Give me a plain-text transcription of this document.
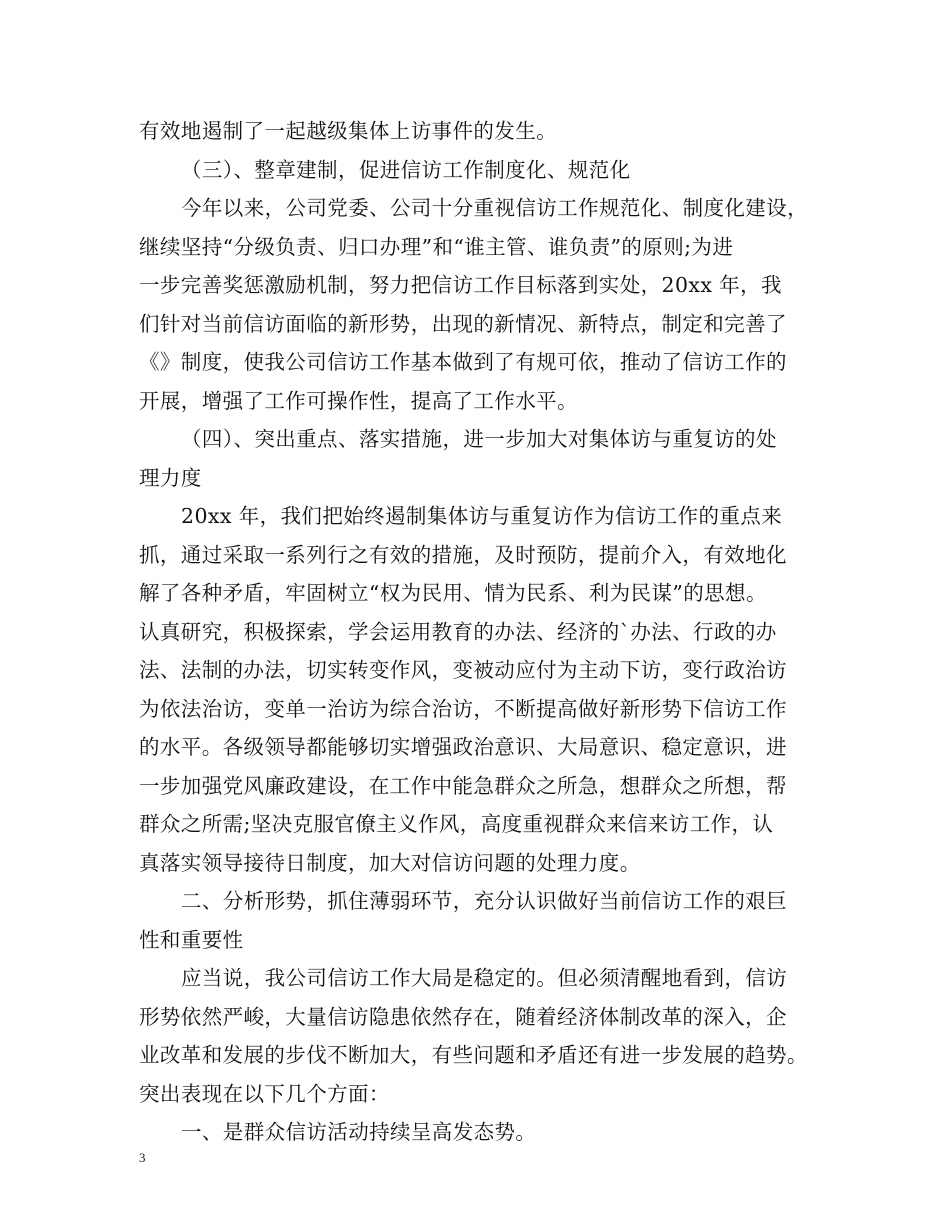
有效地遏制了一起越级集体上访事件的发生。
（三）、整章建制，促进信访工作制度化、规范化
今年以来，公司党委、公司十分重视信访工作规范化、制度化建设，
继续坚持“分级负责、归口办理”和“谁主管、谁负责”的原则;为进
一步完善奖惩激励机制，努力把信访工作目标落到实处，20xx 年，我
们针对当前信访面临的新形势，出现的新情况、新特点，制定和完善了
《》制度，使我公司信访工作基本做到了有规可依，推动了信访工作的
开展，增强了工作可操作性，提高了工作水平。
（四）、突出重点、落实措施，进一步加大对集体访与重复访的处
理力度
20xx 年，我们把始终遏制集体访与重复访作为信访工作的重点来
抓，通过采取一系列行之有效的措施，及时预防，提前介入，有效地化
解了各种矛盾，牢固树立“权为民用、情为民系、利为民谋”的思想。
认真研究，积极探索，学会运用教育的办法、经济的`办法、行政的办
法、法制的办法，切实转变作风，变被动应付为主动下访，变行政治访
为依法治访，变单一治访为综合治访，不断提高做好新形势下信访工作
的水平。各级领导都能够切实增强政治意识、大局意识、稳定意识，进
一步加强党风廉政建设，在工作中能急群众之所急，想群众之所想，帮
群众之所需;坚决克服官僚主义作风，高度重视群众来信来访工作，认
真落实领导接待日制度，加大对信访问题的处理力度。
二、分析形势，抓住薄弱环节，充分认识做好当前信访工作的艰巨
性和重要性
应当说，我公司信访工作大局是稳定的。但必须清醒地看到，信访
形势依然严峻，大量信访隐患依然存在，随着经济体制改革的深入，企
业改革和发展的步伐不断加大，有些问题和矛盾还有进一步发展的趋势。
突出表现在以下几个方面：
一、是群众信访活动持续呈高发态势。
3
